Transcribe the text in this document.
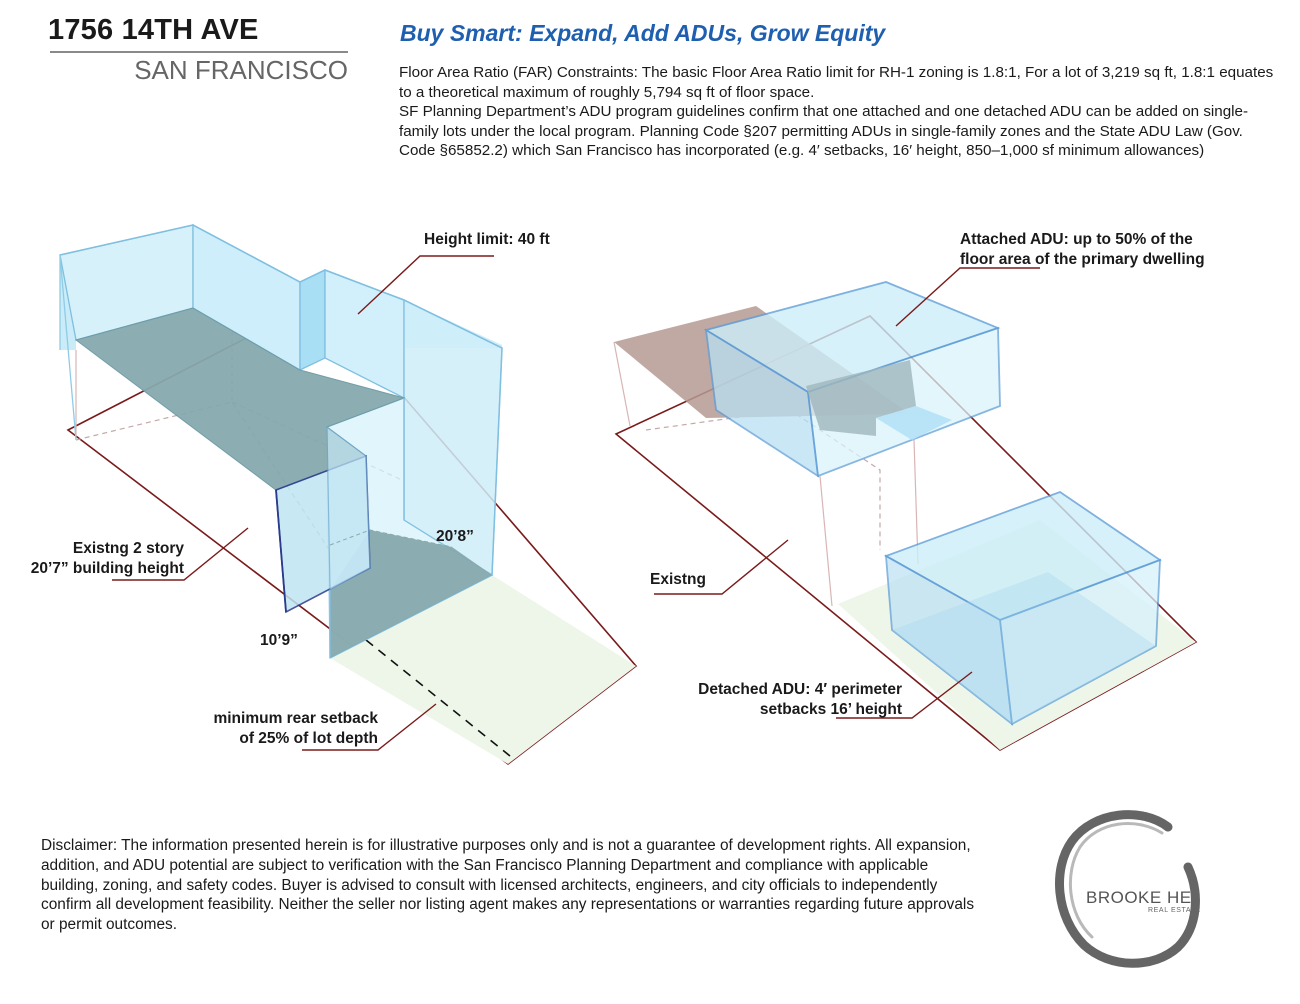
1756 14TH AVE
SAN FRANCISCO
Buy Smart: Expand, Add ADUs, Grow Equity

Floor Area Ratio (FAR) Constraints: The basic Floor Area Ratio limit for RH-1 zoning is 1.8:1, For a lot of 3,219 sq ft, 1.8:1 equates to a theoretical maximum of roughly 5,794 sq ft of floor space.

SF Planning Department’s ADU program guidelines confirm that one attached and one detached ADU can be added on single-family lots under the local program. Planning Code §207 permitting ADUs in single-family zones and the State ADU Law (Gov. Code §65852.2) which San Francisco has incorporated (e.g. 4′ setbacks, 16′ height, 850–1,000 sf minimum allowances)

Height limit: 40 ft
Existng 2 story
20’7” building height
20’8”
10’9”
minimum rear setback
of 25% of lot depth
Attached ADU: up to 50% of the
floor area of the primary dwelling
Existng
Detached ADU: 4′ perimeter
setbacks 16’ height
Disclaimer: The information presented herein is for illustrative purposes only and is not a guarantee of development rights. All expansion, addition, and ADU potential are subject to verification with the San Francisco Planning Department and compliance with applicable building, zoning, and safety codes. Buyer is advised to consult with licensed architects, engineers, and city officials to independently confirm all development feasibility. Neither the seller nor listing agent makes any representations or warranties regarding future approvals or permit outcomes.
BROOKE HE
REAL ESTATE
